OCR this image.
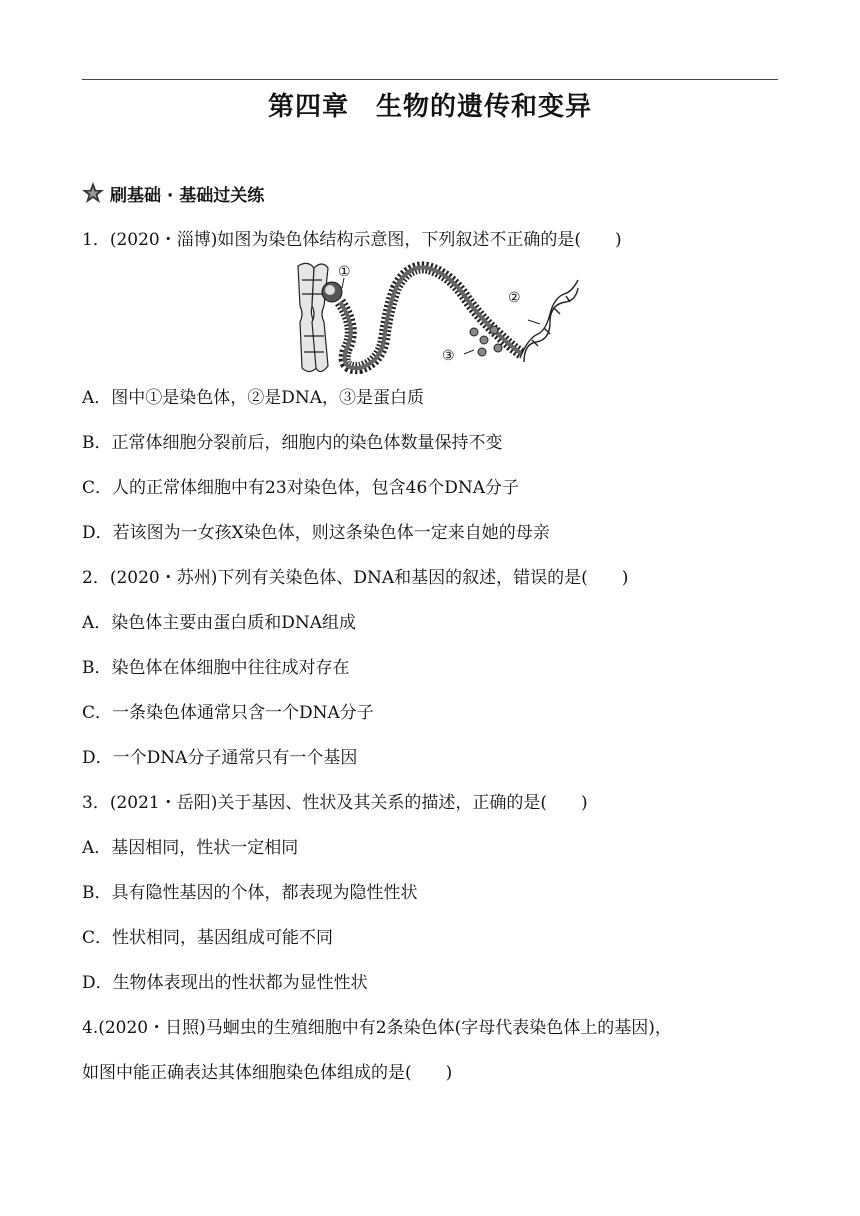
第四章　生物的遗传和变异
刷基础 · 基础过关练
1．(2020・淄博)如图为染色体结构示意图，下列叙述不正确的是(　　)
①
②
③
A．图中①是染色体，②是DNA，③是蛋白质
B．正常体细胞分裂前后，细胞内的染色体数量保持不变
C．人的正常体细胞中有23对染色体，包含46个DNA分子
D．若该图为一女孩X染色体，则这条染色体一定来自她的母亲
2．(2020・苏州)下列有关染色体、DNA和基因的叙述，错误的是(　　)
A．染色体主要由蛋白质和DNA组成
B．染色体在体细胞中往往成对存在
C．一条染色体通常只含一个DNA分子
D．一个DNA分子通常只有一个基因
3．(2021・岳阳)关于基因、性状及其关系的描述，正确的是(　　)
A．基因相同，性状一定相同
B．具有隐性基因的个体，都表现为隐性性状
C．性状相同，基因组成可能不同
D．生物体表现出的性状都为显性性状
4.(2020・日照)马蛔虫的生殖细胞中有2条染色体(字母代表染色体上的基因)，
如图中能正确表达其体细胞染色体组成的是(　　)
